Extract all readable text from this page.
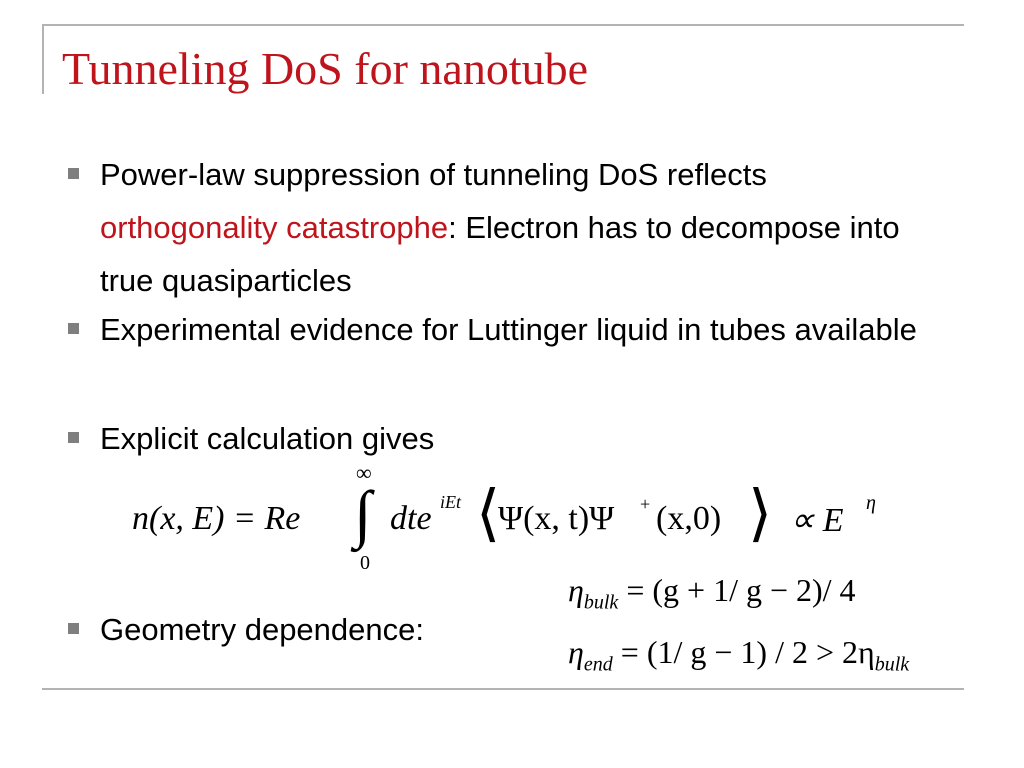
Tunneling DoS for nanotube
Power-law suppression of tunneling DoS reflects orthogonality catastrophe: Electron has to decompose into true quasiparticles
Experimental evidence for Luttinger liquid in tubes available
Explicit calculation gives
Geometry dependence:
n(x, E) = Re
∞
∫
0
dte iEt ⟨
Ψ(x, t)Ψ + (x,0) ⟩ ∝ E η
$\eta_{bulk} = (g + 1/$ g − 2)/ 4
$\eta_{end} = (1/$ $g - 1) / 2 > 2\eta_{bulk}$
